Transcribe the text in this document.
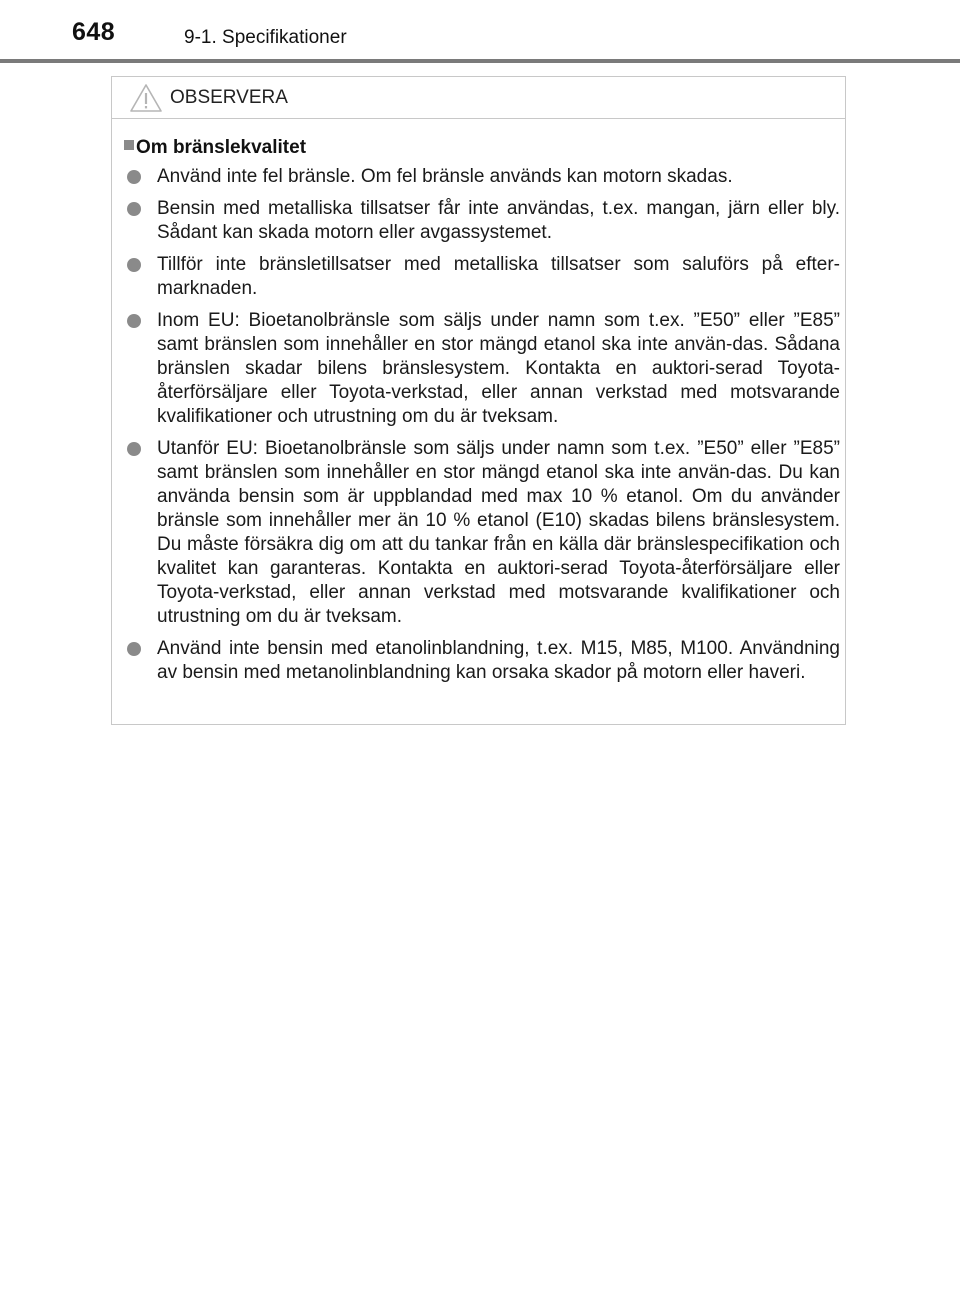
648	9-1. Specifikationer
OBSERVERA
Om bränslekvalitet
Använd inte fel bränsle. Om fel bränsle används kan motorn skadas.
Bensin med metalliska tillsatser får inte användas, t.ex. mangan, järn eller bly. Sådant kan skada motorn eller avgassystemet.
Tillför inte bränsletillsatser med metalliska tillsatser som saluförs på efter-marknaden.
Inom EU: Bioetanolbränsle som säljs under namn som t.ex. ”E50” eller ”E85” samt bränslen som innehåller en stor mängd etanol ska inte använ-das. Sådana bränslen skadar bilens bränslesystem. Kontakta en auktori-serad Toyota-återförsäljare eller Toyota-verkstad, eller annan verkstad med motsvarande kvalifikationer och utrustning om du är tveksam.
Utanför EU: Bioetanolbränsle som säljs under namn som t.ex. ”E50” eller ”E85” samt bränslen som innehåller en stor mängd etanol ska inte använ-das. Du kan använda bensin som är uppblandad med max 10 % etanol. Om du använder bränsle som innehåller mer än 10 % etanol (E10) skadas bilens bränslesystem. Du måste försäkra dig om att du tankar från en källa där bränslespecifikation och kvalitet kan garanteras. Kontakta en auktori-serad Toyota-återförsäljare eller Toyota-verkstad, eller annan verkstad med motsvarande kvalifikationer och utrustning om du är tveksam.
Använd inte bensin med etanolinblandning, t.ex. M15, M85, M100. Användning av bensin med metanolinblandning kan orsaka skador på motorn eller haveri.
